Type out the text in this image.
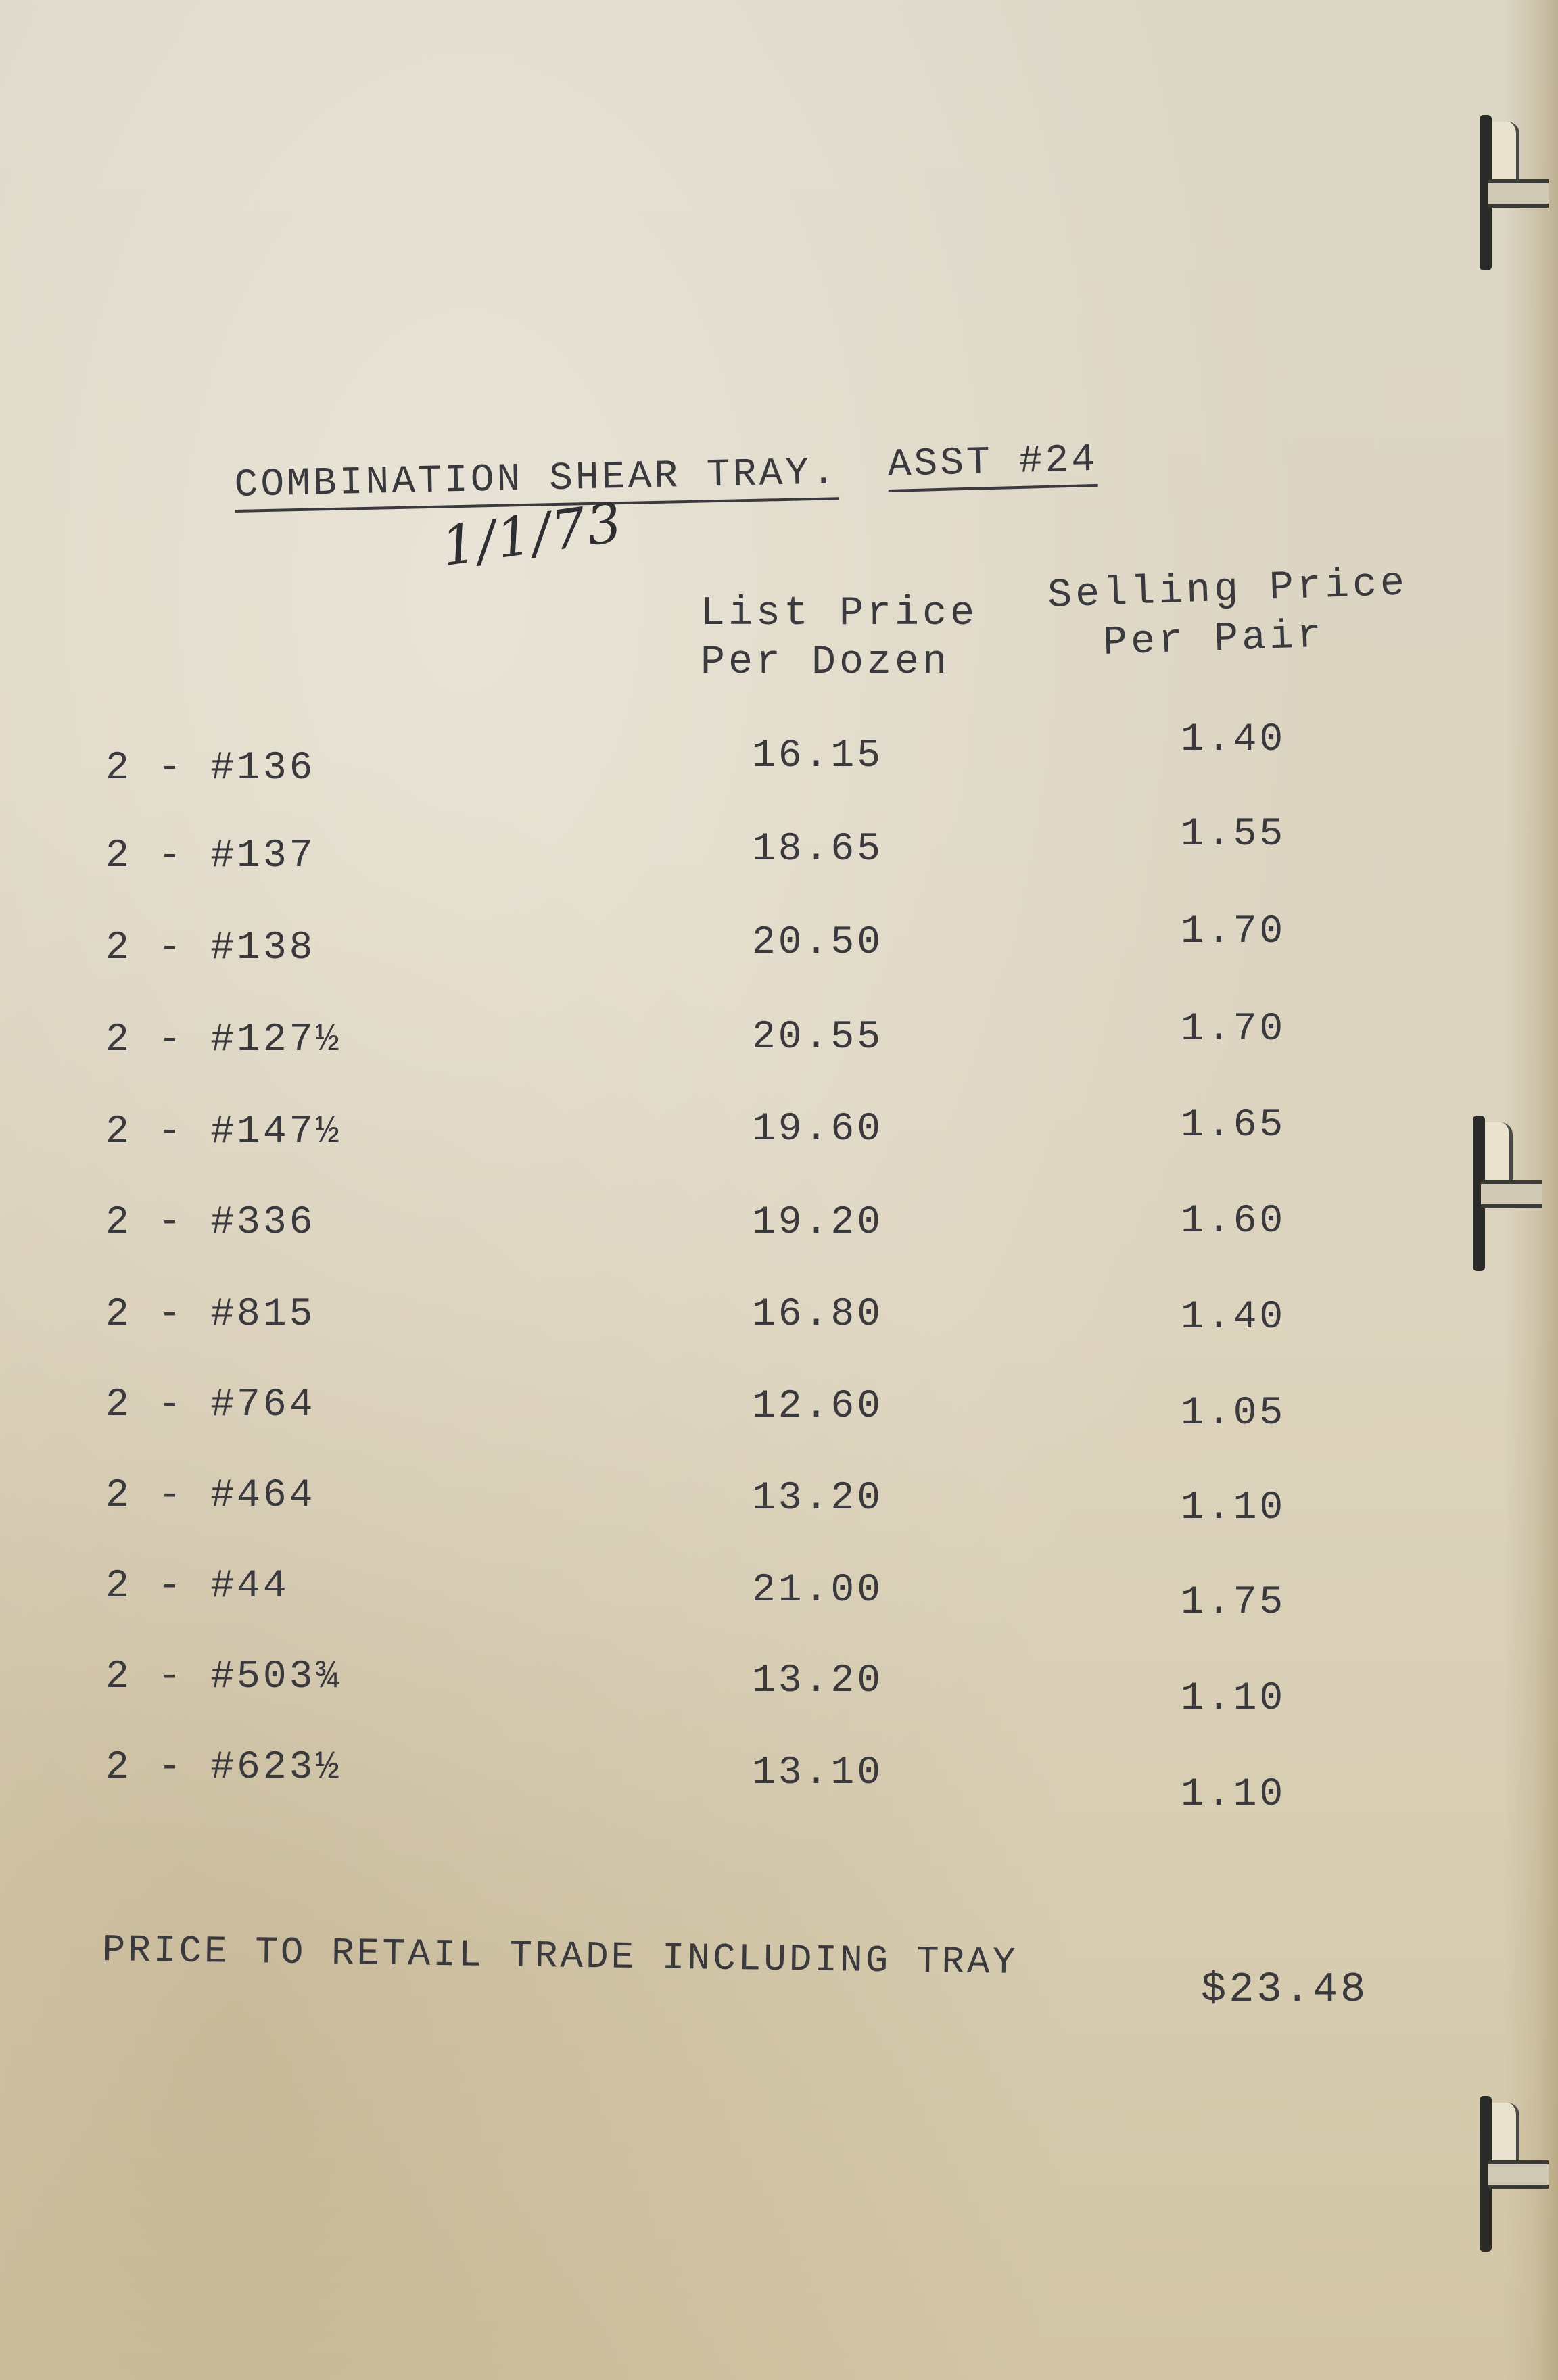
COMBINATION SHEAR TRAY. ASST #24
1/1/73
List Price
Per Dozen
Selling Price
Per Pair
2 - #136	16.15	1.40
2 - #137	18.65	1.55
2 - #138	20.50	1.70
2 - #127½	20.55	1.70
2 - #147½	19.60	1.65
2 - #336	19.20	1.60
2 - #815	16.80	1.40
2 - #764	12.60	1.05
2 - #464	13.20	1.10
2 - #44	21.00	1.75
2 - #503¾	13.20	1.10
2 - #623½	13.10	1.10
PRICE TO RETAIL TRADE INCLUDING TRAY
$23.48
